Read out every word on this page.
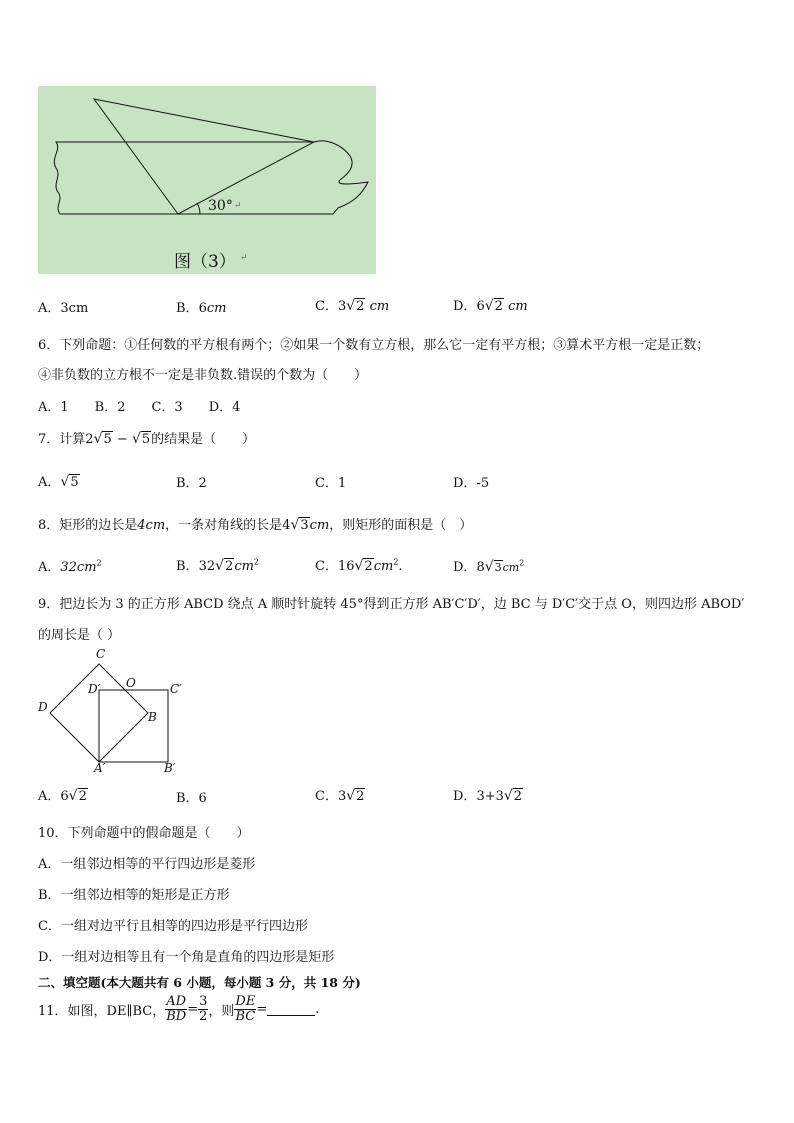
30° ↵
图（3） ↵
A．3cm	B．6cm	C．3√2 cm	D．6√2 cm
6．下列命题：①任何数的平方根有两个；②如果一个数有立方根，那么它一定有平方根；③算术平方根一定是正数；
④非负数的立方根不一定是非负数.错误的个数为（　　）
A．1　　B．2　　C．3　　D．4
7．计算2√5 − √5的结果是（　　）
A．√5	B．2	C．1	D．-5
8．矩形的边长是4cm，一条对角线的长是4√3cm，则矩形的面积是（　）
A．$32cm^2$	B．$32√2cm^2$	C．$16√2cm^2$.	D．$8√3cm^2$
9．把边长为 3 的正方形 ABCD 绕点 A 顺时针旋转 45°得到正方形 AB′C′D′，边 BC 与 D′C′交于点 O，则四边形 ABOD′
的周长是（ ）
C
D
D′ O	C′
B
A′	B′
A．6√2	B．6	C．3√2	D．3+3√2
10．下列命题中的假命题是（　　）
A．一组邻边相等的平行四边形是菱形
B．一组邻边相等的矩形是正方形
C．一组对边平行且相等的四边形是平行四边形
D．一组对边相等且有一个角是直角的四边形是矩形
二、填空题(本大题共有 6 小题，每小题 3 分，共 18 分)
11．如图，DE∥BC， $\frac{AD}{BD} = \frac{3}{2}$ ，则 $\frac{DE}{BC}$ =	.
